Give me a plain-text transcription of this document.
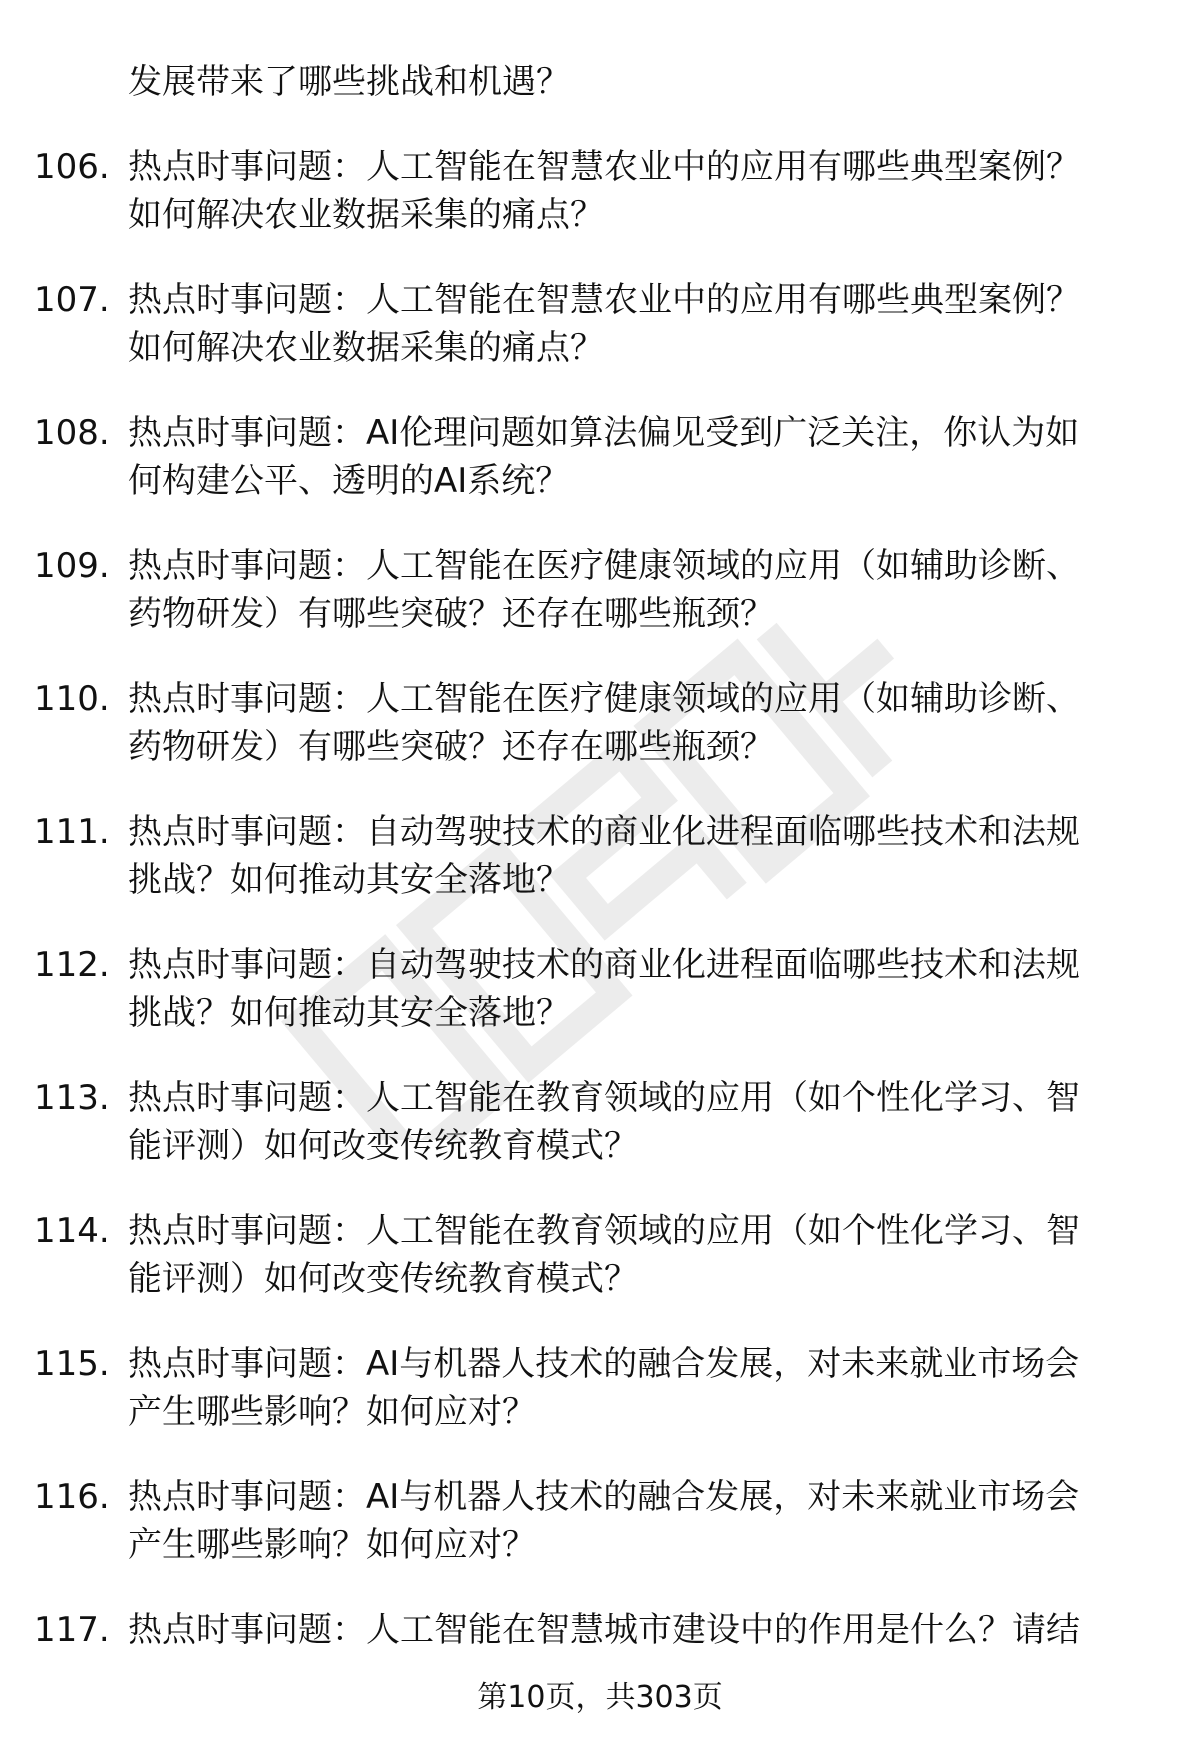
发展带来了哪些挑战和机遇？
106. 热点时事问题：人工智能在智慧农业中的应用有哪些典型案例？
如何解决农业数据采集的痛点？
107. 热点时事问题：人工智能在智慧农业中的应用有哪些典型案例？
如何解决农业数据采集的痛点？
108. 热点时事问题：AI伦理问题如算法偏见受到广泛关注，你认为如
何构建公平、透明的AI系统？
109. 热点时事问题：人工智能在医疗健康领域的应用（如辅助诊断、
药物研发）有哪些突破？还存在哪些瓶颈？
110. 热点时事问题：人工智能在医疗健康领域的应用（如辅助诊断、
药物研发）有哪些突破？还存在哪些瓶颈？
111. 热点时事问题：自动驾驶技术的商业化进程面临哪些技术和法规
挑战？如何推动其安全落地？
112. 热点时事问题：自动驾驶技术的商业化进程面临哪些技术和法规
挑战？如何推动其安全落地？
113. 热点时事问题：人工智能在教育领域的应用（如个性化学习、智
能评测）如何改变传统教育模式？
114. 热点时事问题：人工智能在教育领域的应用（如个性化学习、智
能评测）如何改变传统教育模式？
115. 热点时事问题：AI与机器人技术的融合发展，对未来就业市场会
产生哪些影响？如何应对？
116. 热点时事问题：AI与机器人技术的融合发展，对未来就业市场会
产生哪些影响？如何应对？
117. 热点时事问题：人工智能在智慧城市建设中的作用是什么？请结
第10页，共303页
